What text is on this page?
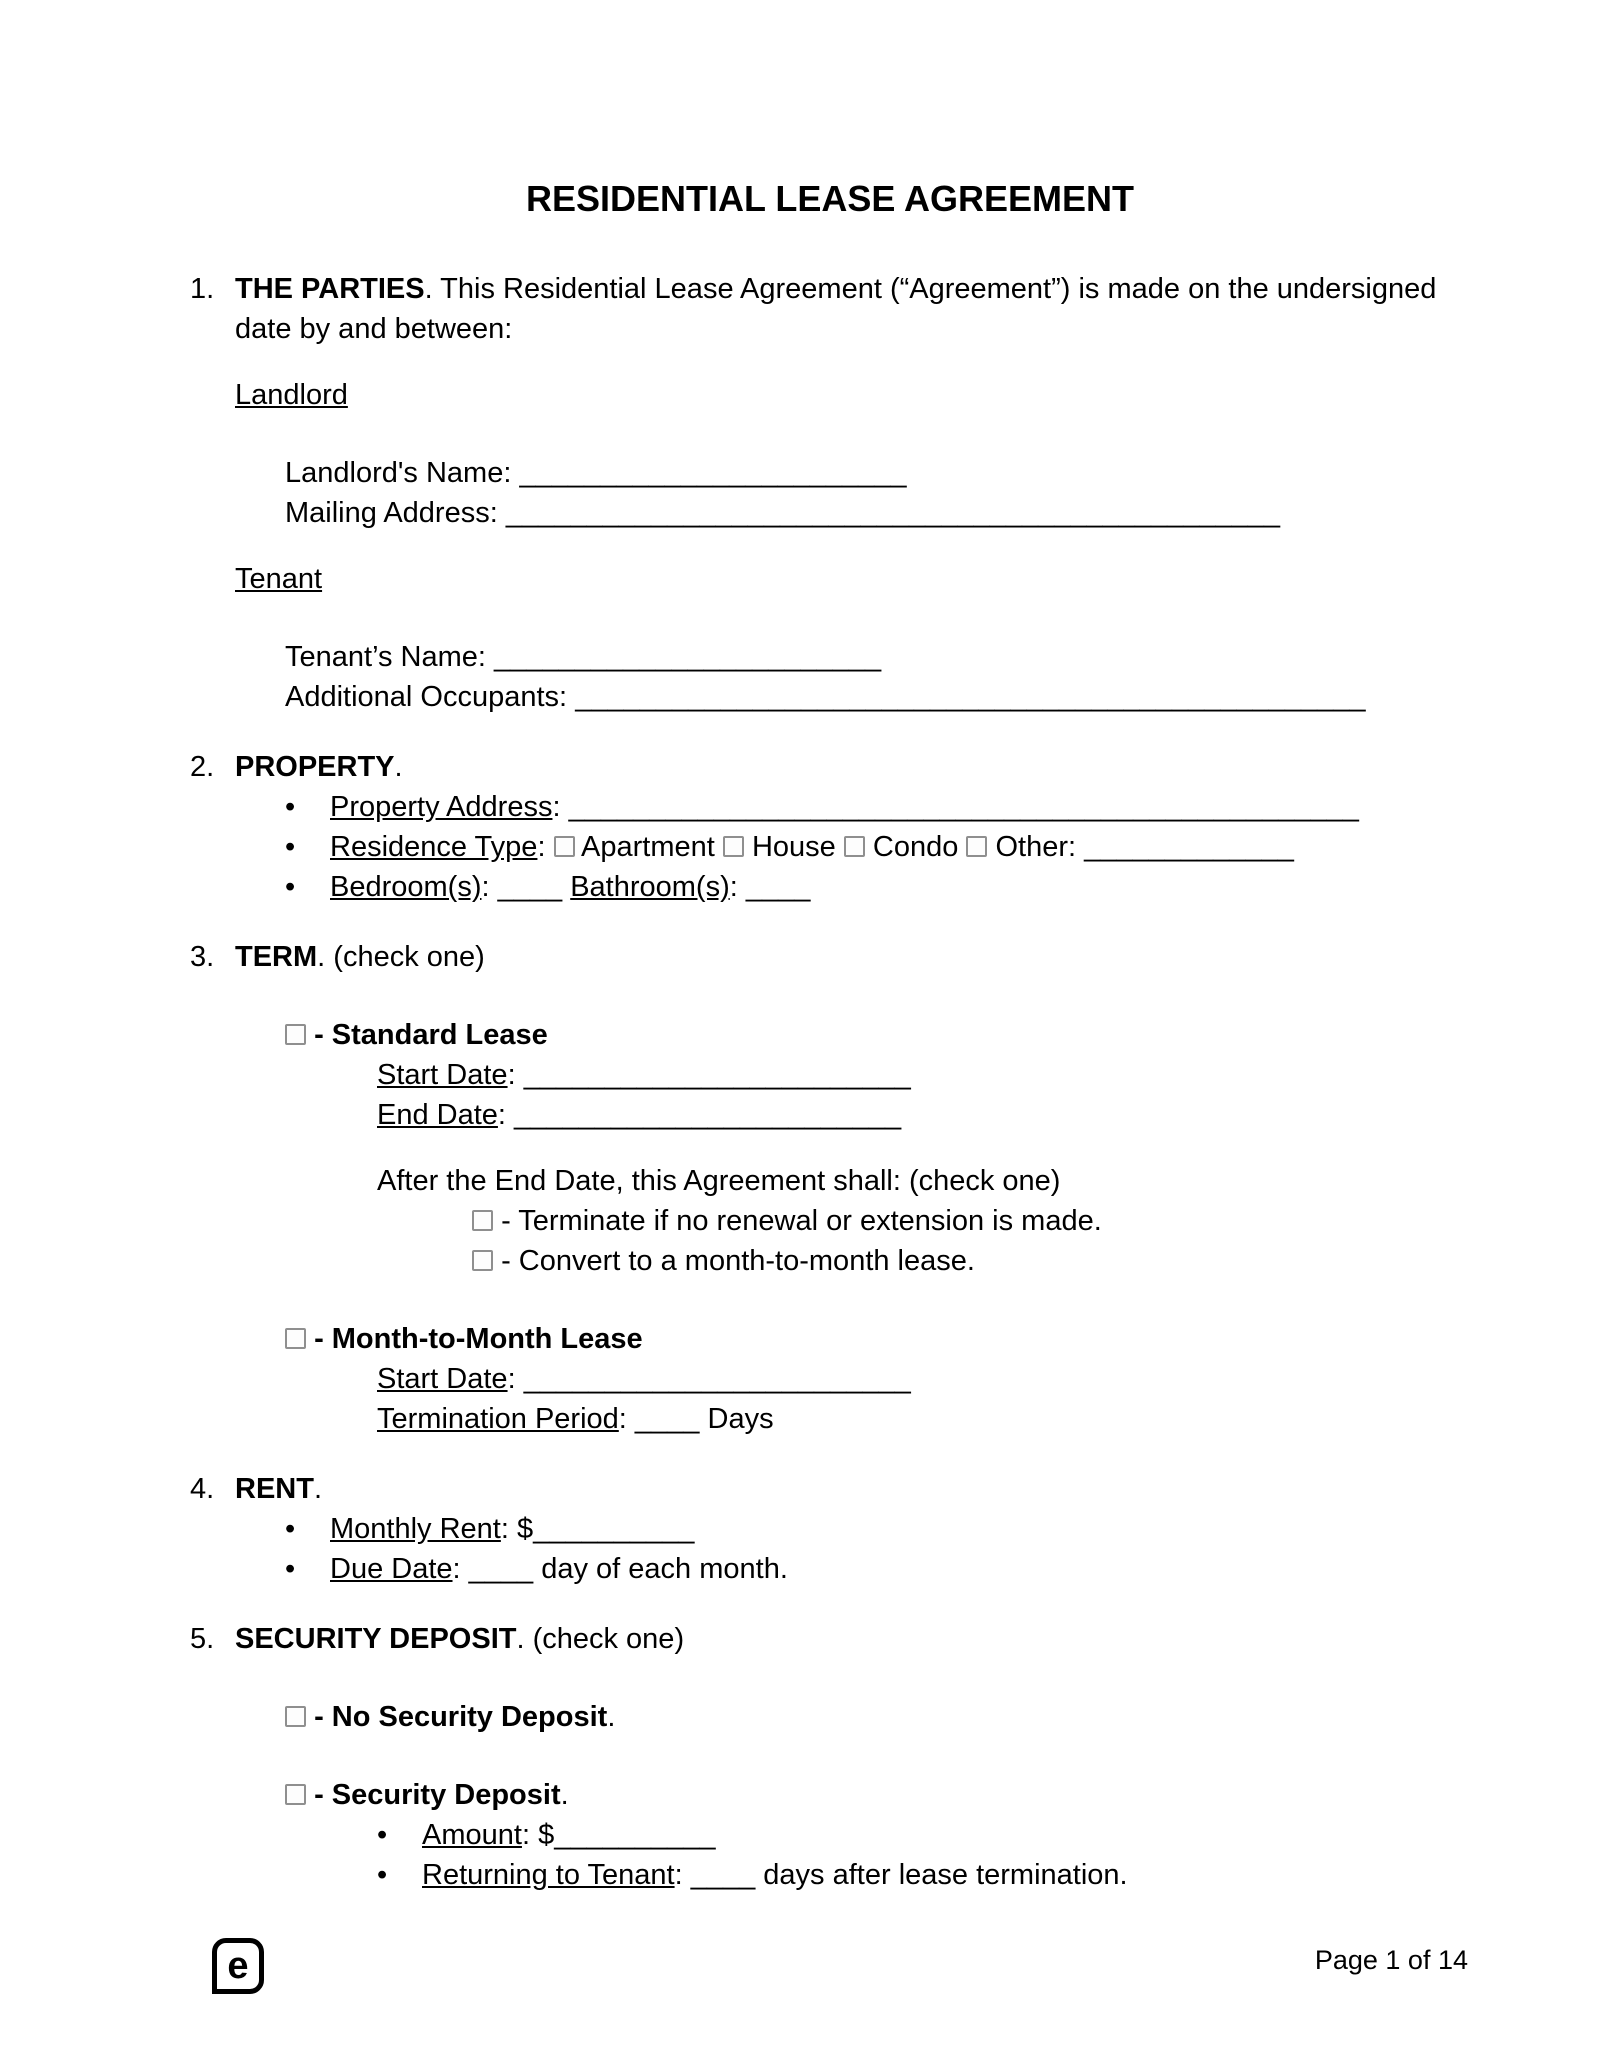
RESIDENTIAL LEASE AGREEMENT
1. THE PARTIES. This Residential Lease Agreement (“Agreement”) is made on the undersigned date by and between:
Landlord
Landlord's Name: ________________________
Mailing Address: ________________________________________________
Tenant
Tenant’s Name: ________________________
Additional Occupants: _________________________________________________
2. PROPERTY.
•	Property Address: _________________________________________________
•	Residence Type: Apartment House Condo Other: _____________
•	Bedroom(s): ____ Bathroom(s): ____
3. TERM. (check one)
- Standard Lease
Start Date: ________________________
End Date: ________________________
After the End Date, this Agreement shall: (check one)
- Terminate if no renewal or extension is made.
- Convert to a month-to-month lease.
- Month-to-Month Lease
Start Date: ________________________
Termination Period: ____ Days
4. RENT.
•	Monthly Rent: $__________
•	Due Date: ____ day of each month.
5. SECURITY DEPOSIT. (check one)
- No Security Deposit.
- Security Deposit.
•	Amount: $__________
•	Returning to Tenant: ____ days after lease termination.
e	Page 1 of 14
